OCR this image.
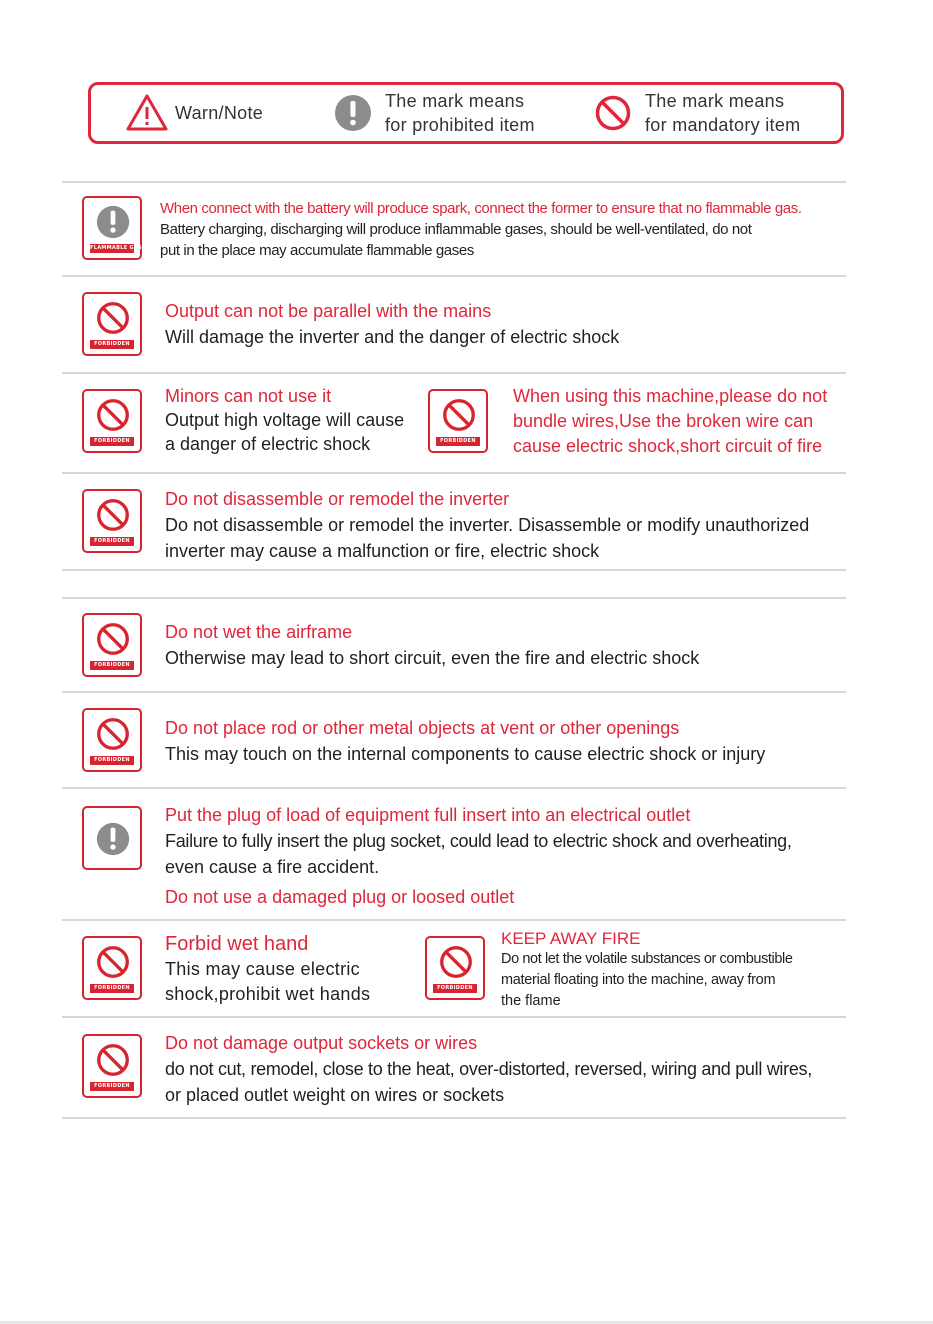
Warn/Note
The mark means
for prohibited item
The mark means
for mandatory item
FLAMMABLE GASES

When connect with the battery will produce spark, connect the former to ensure that no flammable gas.

Battery charging, discharging will produce inflammable gases, should be well-ventilated, do not

put in the place may accumulate flammable gases

FORBIDDEN

Output can not be parallel with the mains

Will damage the inverter and the danger of electric shock

FORBIDDEN

Minors can not use it

Output high voltage will cause

a danger of electric shock	FORBIDDEN

When using this machine,please do not

bundle wires,Use the broken wire can

cause electric shock,short circuit of fire

FORBIDDEN

Do not disassemble or remodel the inverter

Do not disassemble or remodel the inverter. Disassemble or modify unauthorized

inverter may cause a malfunction or fire, electric shock

FORBIDDEN

Do not wet the airframe

Otherwise may lead to short circuit, even the fire and electric shock

FORBIDDEN

Do not place rod or other metal objects at vent or other openings

This may touch on the internal components to cause electric shock or injury

Put the plug of load of equipment full insert into an electrical outlet

Failure to fully insert the plug socket, could lead to electric shock and overheating,

even cause a fire accident.

Do not use a damaged plug or loosed outlet

FORBIDDEN

Forbid wet hand

This may cause electric

shock,prohibit wet hands	FORBIDDEN

KEEP AWAY FIRE

Do not let the volatile substances or combustible

material floating into the machine, away from

the flame

FORBIDDEN

Do not damage output sockets or wires

do not cut, remodel, close to the heat, over-distorted, reversed, wiring and pull wires,

or placed outlet weight on wires or sockets
